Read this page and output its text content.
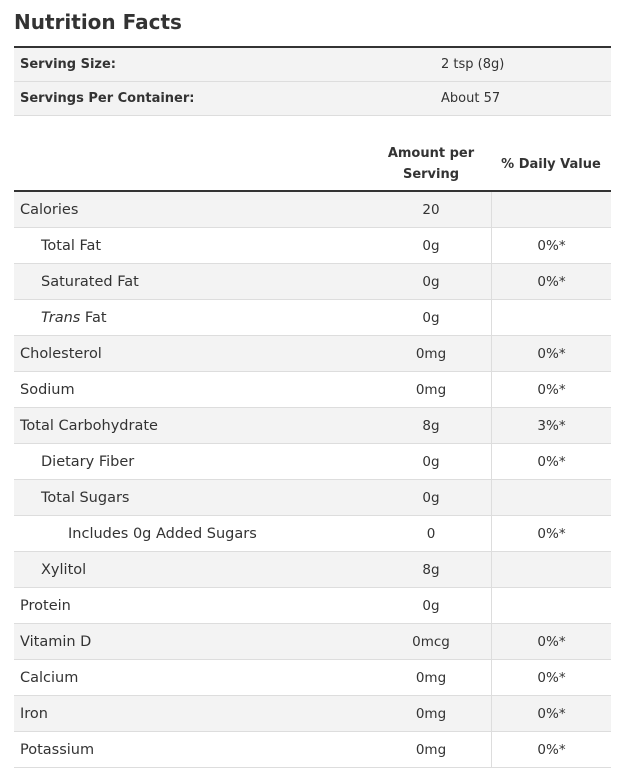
Nutrition Facts
Serving Size:	2 tsp (8g)
Servings Per Container:	About 57
Amount per
Serving
% Daily Value
Calories	20
Total Fat	0g	0%*
Saturated Fat	0g	0%*
Trans Fat	0g
Cholesterol	0mg	0%*
Sodium	0mg	0%*
Total Carbohydrate	8g	3%*
Dietary Fiber	0g	0%*
Total Sugars	0g
Includes 0g Added Sugars	0	0%*
Xylitol	8g
Protein	0g
Vitamin D	0mcg	0%*
Calcium	0mg	0%*
Iron	0mg	0%*
Potassium	0mg	0%*
